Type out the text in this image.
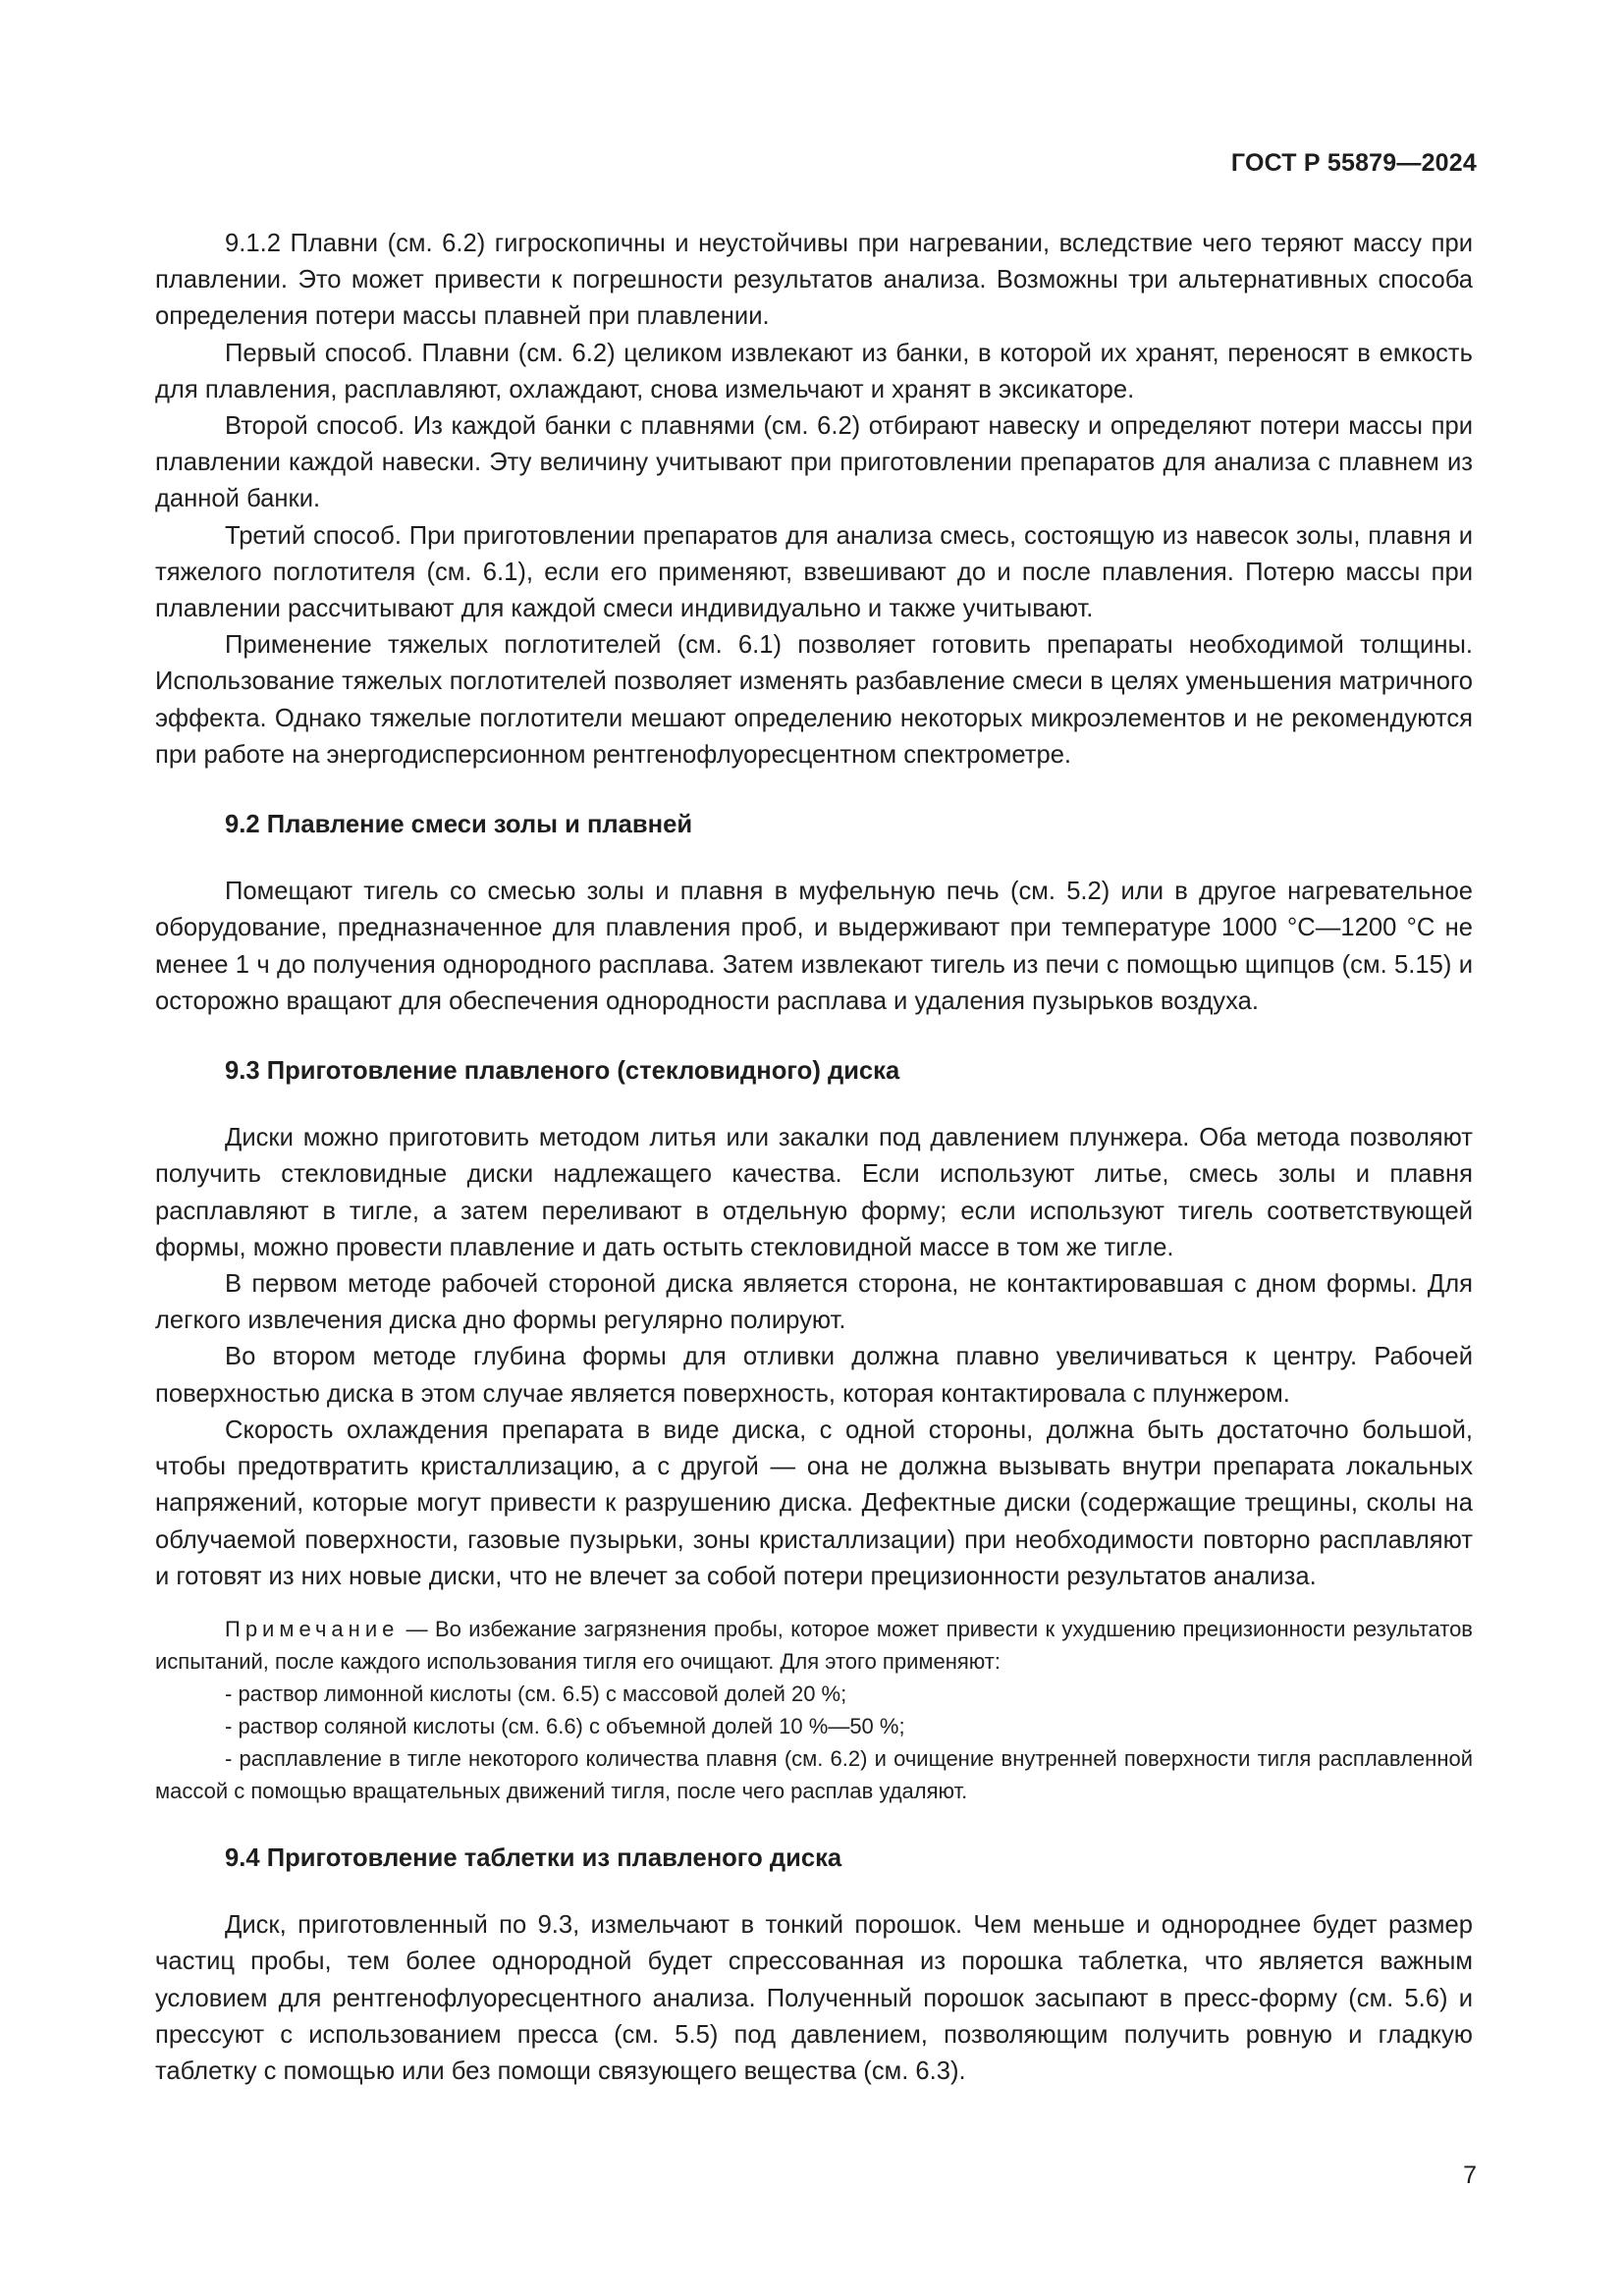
ГОСТ Р 55879—2024

9.1.2 Плавни (см. 6.2) гигроскопичны и неустойчивы при нагревании, вследствие чего теряют массу при плавлении. Это может привести к погрешности результатов анализа. Возможны три альтернативных способа определения потери массы плавней при плавлении.

Первый способ. Плавни (см. 6.2) целиком извлекают из банки, в которой их хранят, переносят в емкость для плавления, расплавляют, охлаждают, снова измельчают и хранят в эксикаторе.

Второй способ. Из каждой банки с плавнями (см. 6.2) отбирают навеску и определяют потери массы при плавлении каждой навески. Эту величину учитывают при приготовлении препаратов для анализа с плавнем из данной банки.

Третий способ. При приготовлении препаратов для анализа смесь, состоящую из навесок золы, плавня и тяжелого поглотителя (см. 6.1), если его применяют, взвешивают до и после плавления. Потерю массы при плавлении рассчитывают для каждой смеси индивидуально и также учитывают.

Применение тяжелых поглотителей (см. 6.1) позволяет готовить препараты необходимой толщины. Использование тяжелых поглотителей позволяет изменять разбавление смеси в целях уменьшения матричного эффекта. Однако тяжелые поглотители мешают определению некоторых микроэлементов и не рекомендуются при работе на энергодисперсионном рентгенофлуоресцентном спектрометре.

9.2 Плавление смеси золы и плавней

Помещают тигель со смесью золы и плавня в муфельную печь (см. 5.2) или в другое нагревательное оборудование, предназначенное для плавления проб, и выдерживают при температуре 1000 °C—1200 °C не менее 1 ч до получения однородного расплава. Затем извлекают тигель из печи с помощью щипцов (см. 5.15) и осторожно вращают для обеспечения однородности расплава и удаления пузырьков воздуха.

9.3 Приготовление плавленого (стекловидного) диска

Диски можно приготовить методом литья или закалки под давлением плунжера. Оба метода позволяют получить стекловидные диски надлежащего качества. Если используют литье, смесь золы и плавня расплавляют в тигле, а затем переливают в отдельную форму; если используют тигель соответствующей формы, можно провести плавление и дать остыть стекловидной массе в том же тигле.

В первом методе рабочей стороной диска является сторона, не контактировавшая с дном формы. Для легкого извлечения диска дно формы регулярно полируют.

Во втором методе глубина формы для отливки должна плавно увеличиваться к центру. Рабочей поверхностью диска в этом случае является поверхность, которая контактировала с плунжером.

Скорость охлаждения препарата в виде диска, с одной стороны, должна быть достаточно большой, чтобы предотвратить кристаллизацию, а с другой — она не должна вызывать внутри препарата локальных напряжений, которые могут привести к разрушению диска. Дефектные диски (содержащие трещины, сколы на облучаемой поверхности, газовые пузырьки, зоны кристаллизации) при необходимости повторно расплавляют и готовят из них новые диски, что не влечет за собой потери прецизионности результатов анализа.

Примечание — Во избежание загрязнения пробы, которое может привести к ухудшению прецизионности результатов испытаний, после каждого использования тигля его очищают. Для этого применяют:

- раствор лимонной кислоты (см. 6.5) с массовой долей 20 %;

- раствор соляной кислоты (см. 6.6) с объемной долей 10 %—50 %;

- расплавление в тигле некоторого количества плавня (см. 6.2) и очищение внутренней поверхности тигля расплавленной массой с помощью вращательных движений тигля, после чего расплав удаляют.

9.4 Приготовление таблетки из плавленого диска

Диск, приготовленный по 9.3, измельчают в тонкий порошок. Чем меньше и однороднее будет размер частиц пробы, тем более однородной будет спрессованная из порошка таблетка, что является важным условием для рентгенофлуоресцентного анализа. Полученный порошок засыпают в пресс-форму (см. 5.6) и прессуют с использованием пресса (см. 5.5) под давлением, позволяющим получить ровную и гладкую таблетку с помощью или без помощи связующего вещества (см. 6.3).

7
